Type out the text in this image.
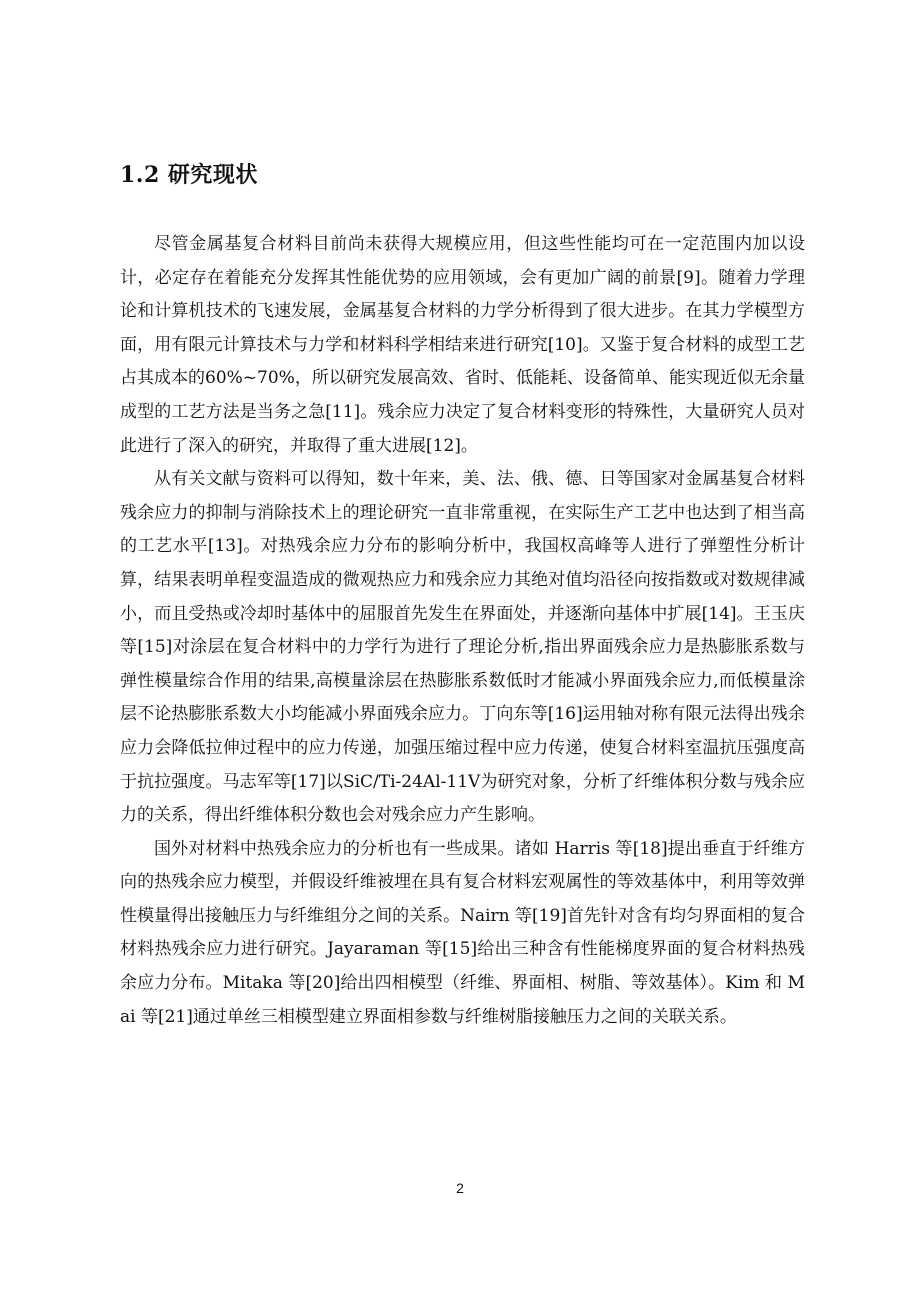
1.2 研究现状

尽管金属基复合材料目前尚未获得大规模应用，但这些性能均可在一定范围内加以设计，必定存在着能充分发挥其性能优势的应用领域，会有更加广阔的前景[9]。随着力学理论和计算机技术的飞速发展，金属基复合材料的力学分析得到了很大进步。在其力学模型方面，用有限元计算技术与力学和材料科学相结来进行研究[10]。又鉴于复合材料的成型工艺占其成本的60%~70%，所以研究发展高效、省时、低能耗、设备简单、能实现近似无余量成型的工艺方法是当务之急[11]。残余应力决定了复合材料变形的特殊性，大量研究人员对此进行了深入的研究，并取得了重大进展[12]。

从有关文献与资料可以得知，数十年来，美、法、俄、德、日等国家对金属基复合材料残余应力的抑制与消除技术上的理论研究一直非常重视，在实际生产工艺中也达到了相当高的工艺水平[13]。对热残余应力分布的影响分析中，我国权高峰等人进行了弹塑性分析计算，结果表明单程变温造成的微观热应力和残余应力其绝对值均沿径向按指数或对数规律减小，而且受热或冷却时基体中的屈服首先发生在界面处，并逐渐向基体中扩展[14]。王玉庆等[15]对涂层在复合材料中的力学行为进行了理论分析,指出界面残余应力是热膨胀系数与弹性模量综合作用的结果,高模量涂层在热膨胀系数低时才能减小界面残余应力,而低模量涂层不论热膨胀系数大小均能减小界面残余应力。丁向东等[16]运用轴对称有限元法得出残余应力会降低拉伸过程中的应力传递，加强压缩过程中应力传递，使复合材料室温抗压强度高于抗拉强度。马志军等[17]以SiC/Ti-24Al-11V为研究对象，分析了纤维体积分数与残余应力的关系，得出纤维体积分数也会对残余应力产生影响。

国外对材料中热残余应力的分析也有一些成果。诸如 Harris 等[18]提出垂直于纤维方向的热残余应力模型，并假设纤维被埋在具有复合材料宏观属性的等效基体中，利用等效弹性模量得出接触压力与纤维组分之间的关系。Nairn 等[19]首先针对含有均匀界面相的复合材料热残余应力进行研究。Jayaraman 等[15]给出三种含有性能梯度界面的复合材料热残余应力分布。Mitaka 等[20]给出四相模型（纤维、界面相、树脂、等效基体）。Kim 和 Mai 等[21]通过单丝三相模型建立界面相参数与纤维树脂接触压力之间的关联关系。

2
